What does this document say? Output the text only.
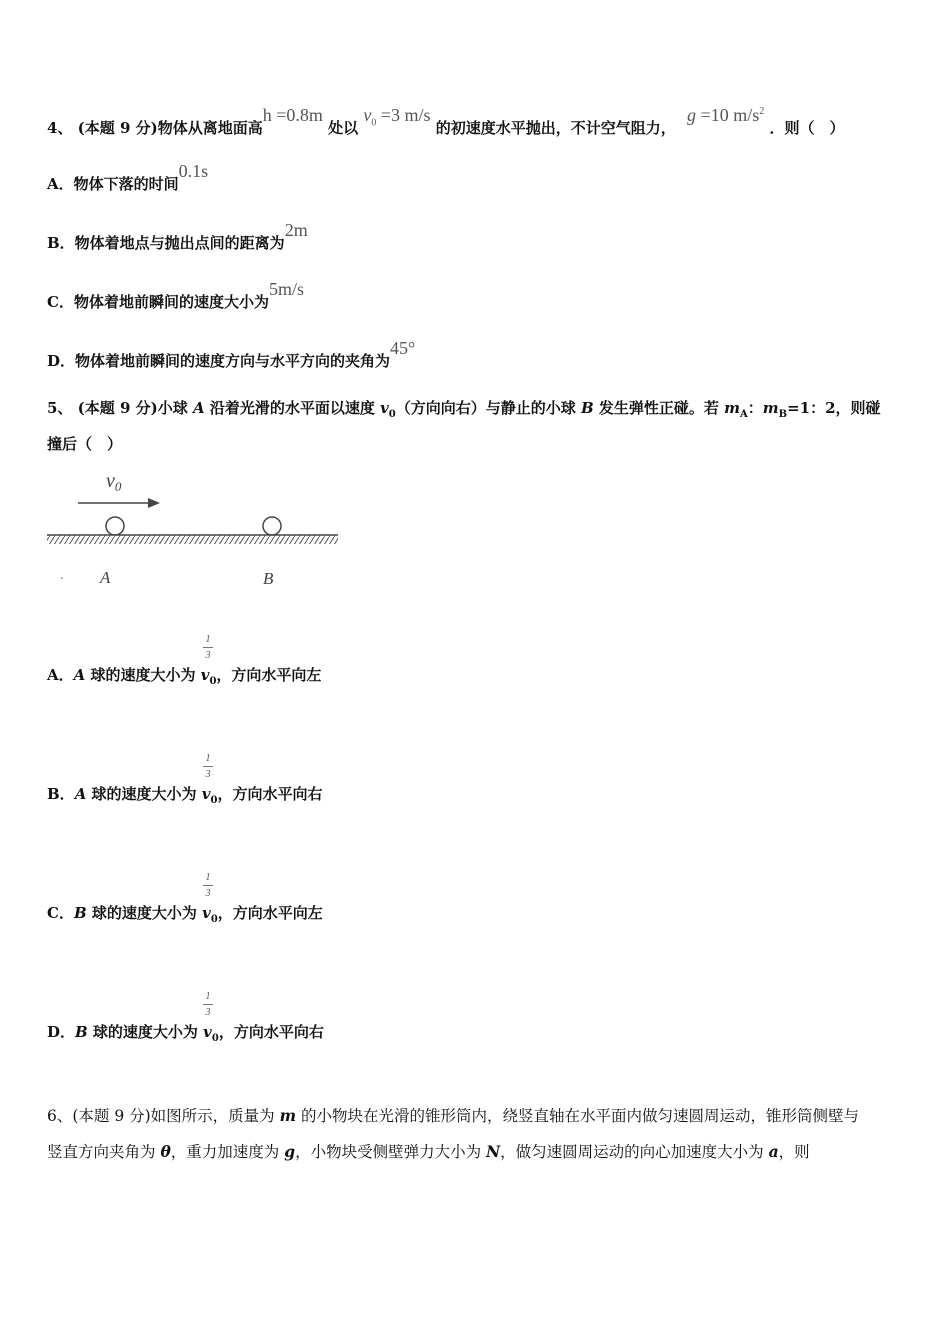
4、 (本题 9 分)物体从离地面高h =0.8m 处以 $v_0 =3$ m/s 的初速度水平抛出，不计空气阻力， g =10 $m/s^2$ ．则（　）
A．物体下落的时间0.1s
B．物体着地点与抛出点间的距离为2m
C．物体着地前瞬间的速度大小为5m/s
D．物体着地前瞬间的速度方向与水平方向的夹角为45°
5、 (本题 9 分)小球 A 沿着光滑的水平面以速度 $v_0$（方向向右）与静止的小球 B 发生弹性正碰。若 $m_A$：$m_B=1$：2，则碰
撞后（　）
$v_0$
. A	B
1
3
A．A 球的速度大小为 $v_0$，方向水平向左
1
3
B．A 球的速度大小为 $v_0$，方向水平向右
1
3
C．B 球的速度大小为 $v_0$，方向水平向左
1
3
D．B 球的速度大小为 $v_0$，方向水平向右
6、(本题 9 分)如图所示，质量为 m 的小物块在光滑的锥形筒内，绕竖直轴在水平面内做匀速圆周运动，锥形筒侧壁与
竖直方向夹角为 θ，重力加速度为 g，小物块受侧壁弹力大小为 N，做匀速圆周运动的向心加速度大小为 a，则
